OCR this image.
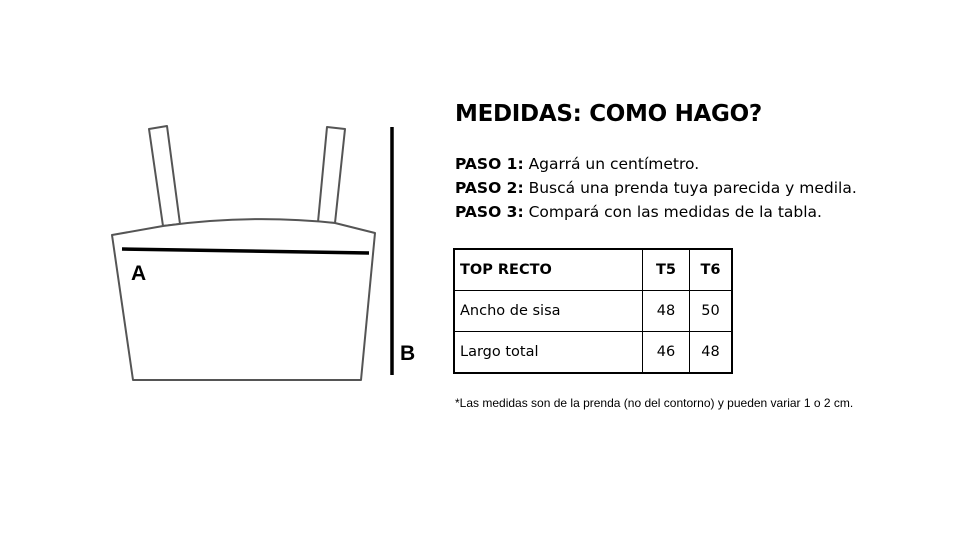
A
B
MEDIDAS: COMO HAGO?
PASO 1: Agarrá un centímetro.
PASO 2: Buscá una prenda tuya parecida y medila.
PASO 3: Compará con las medidas de la tabla.
TOP RECTO	T5	T6
Ancho de sisa	48	50
Largo total	46	48
*Las medidas son de la prenda (no del contorno) y pueden variar 1 o 2 cm.
